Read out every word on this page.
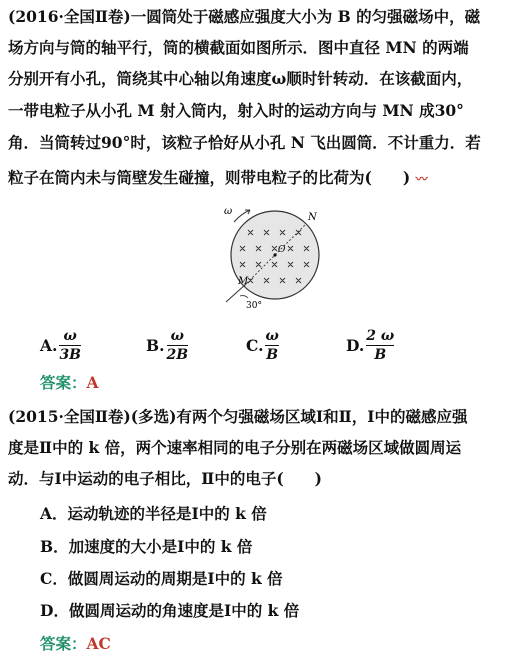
(2016·全国Ⅱ卷)一圆筒处于磁感应强度大小为 B 的匀强磁场中，磁
场方向与筒的轴平行，筒的横截面如图所示．图中直径 MN 的两端
分别开有小孔，筒绕其中心轴以角速度ω顺时针转动．在该截面内，
一带电粒子从小孔 M 射入筒内，射入时的运动方向与 MN 成30°
角．当筒转过90°时，该粒子恰好从小孔 N 飞出圆筒．不计重力．若
粒子在筒内未与筒壁发生碰撞，则带电粒子的比荷为(　　) 〰
ω
N
O
M
30°
A. $\frac{\omega}{3B}$	B. $\frac{\omega}{2B}$	C. $\frac{\omega}{B}$	D. $\frac{2 \omega}{B}$
答案：A
(2015·全国Ⅱ卷)(多选)有两个匀强磁场区域Ⅰ和Ⅱ，Ⅰ中的磁感应强
度是Ⅱ中的 k 倍，两个速率相同的电子分别在两磁场区域做圆周运
动．与Ⅰ中运动的电子相比，Ⅱ中的电子(　　)
A．运动轨迹的半径是Ⅰ中的 k 倍
B．加速度的大小是Ⅰ中的 k 倍
C．做圆周运动的周期是Ⅰ中的 k 倍
D．做圆周运动的角速度是Ⅰ中的 k 倍
答案：AC
